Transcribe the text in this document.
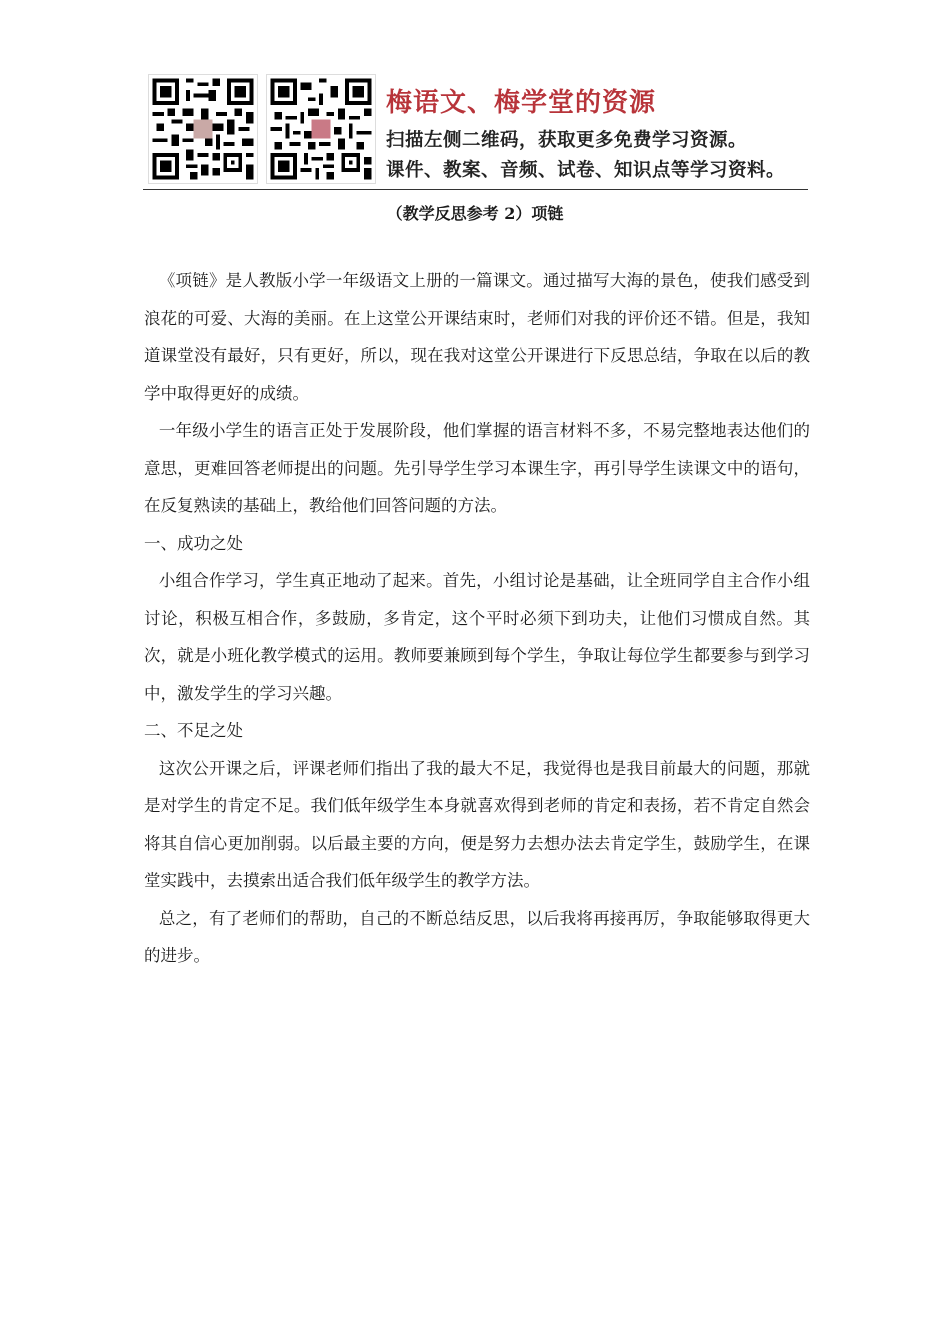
梅语文、梅学堂的资源
扫描左侧二维码，获取更多免费学习资源。
课件、教案、音频、试卷、知识点等学习资料。
（教学反思参考 2）项链

《项链》是人教版小学一年级语文上册的一篇课文。通过描写大海的景色，使我们感受到浪花的可爱、大海的美丽。在上这堂公开课结束时，老师们对我的评价还不错。但是，我知道课堂没有最好，只有更好，所以，现在我对这堂公开课进行下反思总结，争取在以后的教学中取得更好的成绩。

一年级小学生的语言正处于发展阶段，他们掌握的语言材料不多，不易完整地表达他们的意思，更难回答老师提出的问题。先引导学生学习本课生字，再引导学生读课文中的语句，在反复熟读的基础上，教给他们回答问题的方法。

一、成功之处

小组合作学习，学生真正地动了起来。首先，小组讨论是基础，让全班同学自主合作小组讨论，积极互相合作，多鼓励，多肯定，这个平时必须下到功夫，让他们习惯成自然。其次，就是小班化教学模式的运用。教师要兼顾到每个学生，争取让每位学生都要参与到学习中，激发学生的学习兴趣。

二、不足之处

这次公开课之后，评课老师们指出了我的最大不足，我觉得也是我目前最大的问题，那就是对学生的肯定不足。我们低年级学生本身就喜欢得到老师的肯定和表扬，若不肯定自然会将其自信心更加削弱。以后最主要的方向，便是努力去想办法去肯定学生，鼓励学生，在课堂实践中，去摸索出适合我们低年级学生的教学方法。

总之，有了老师们的帮助，自己的不断总结反思，以后我将再接再厉，争取能够取得更大的进步。
